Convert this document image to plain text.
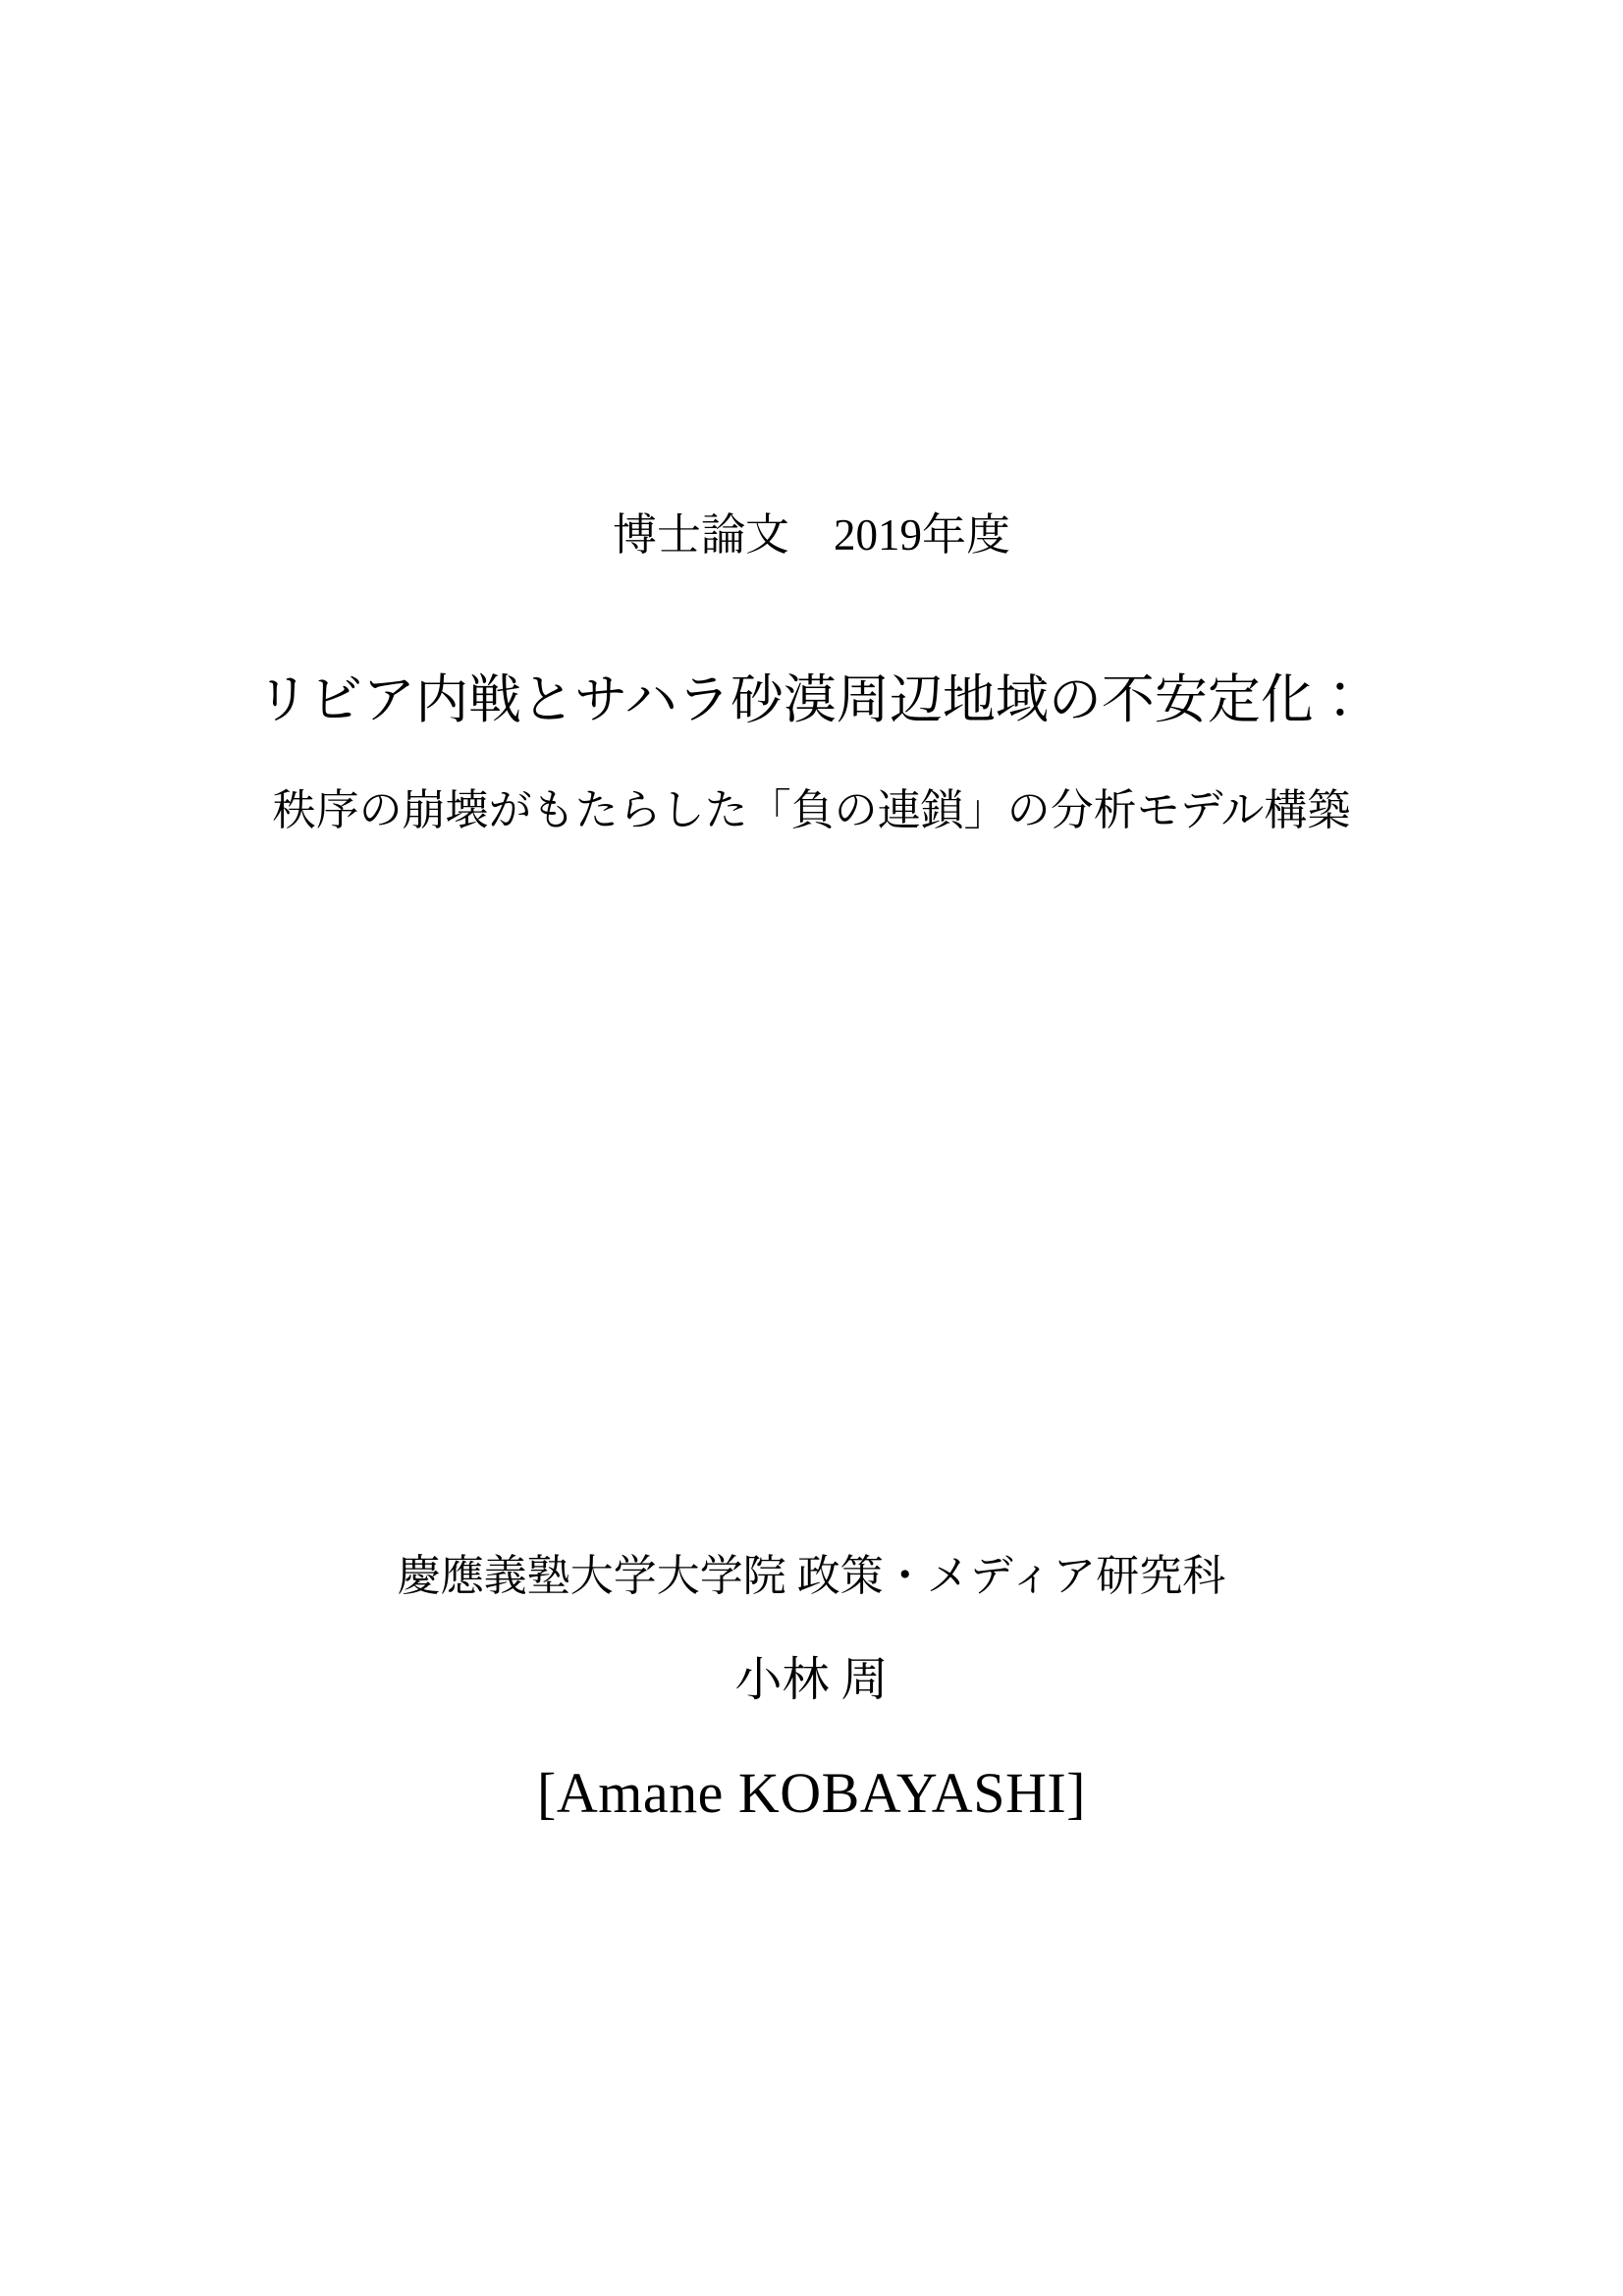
博士論文　2019年度
リビア内戦とサハラ砂漠周辺地域の不安定化：
秩序の崩壊がもたらした「負の連鎖」の分析モデル構築
慶應義塾大学大学院 政策・メディア研究科
小林 周
[Amane KOBAYASHI]
